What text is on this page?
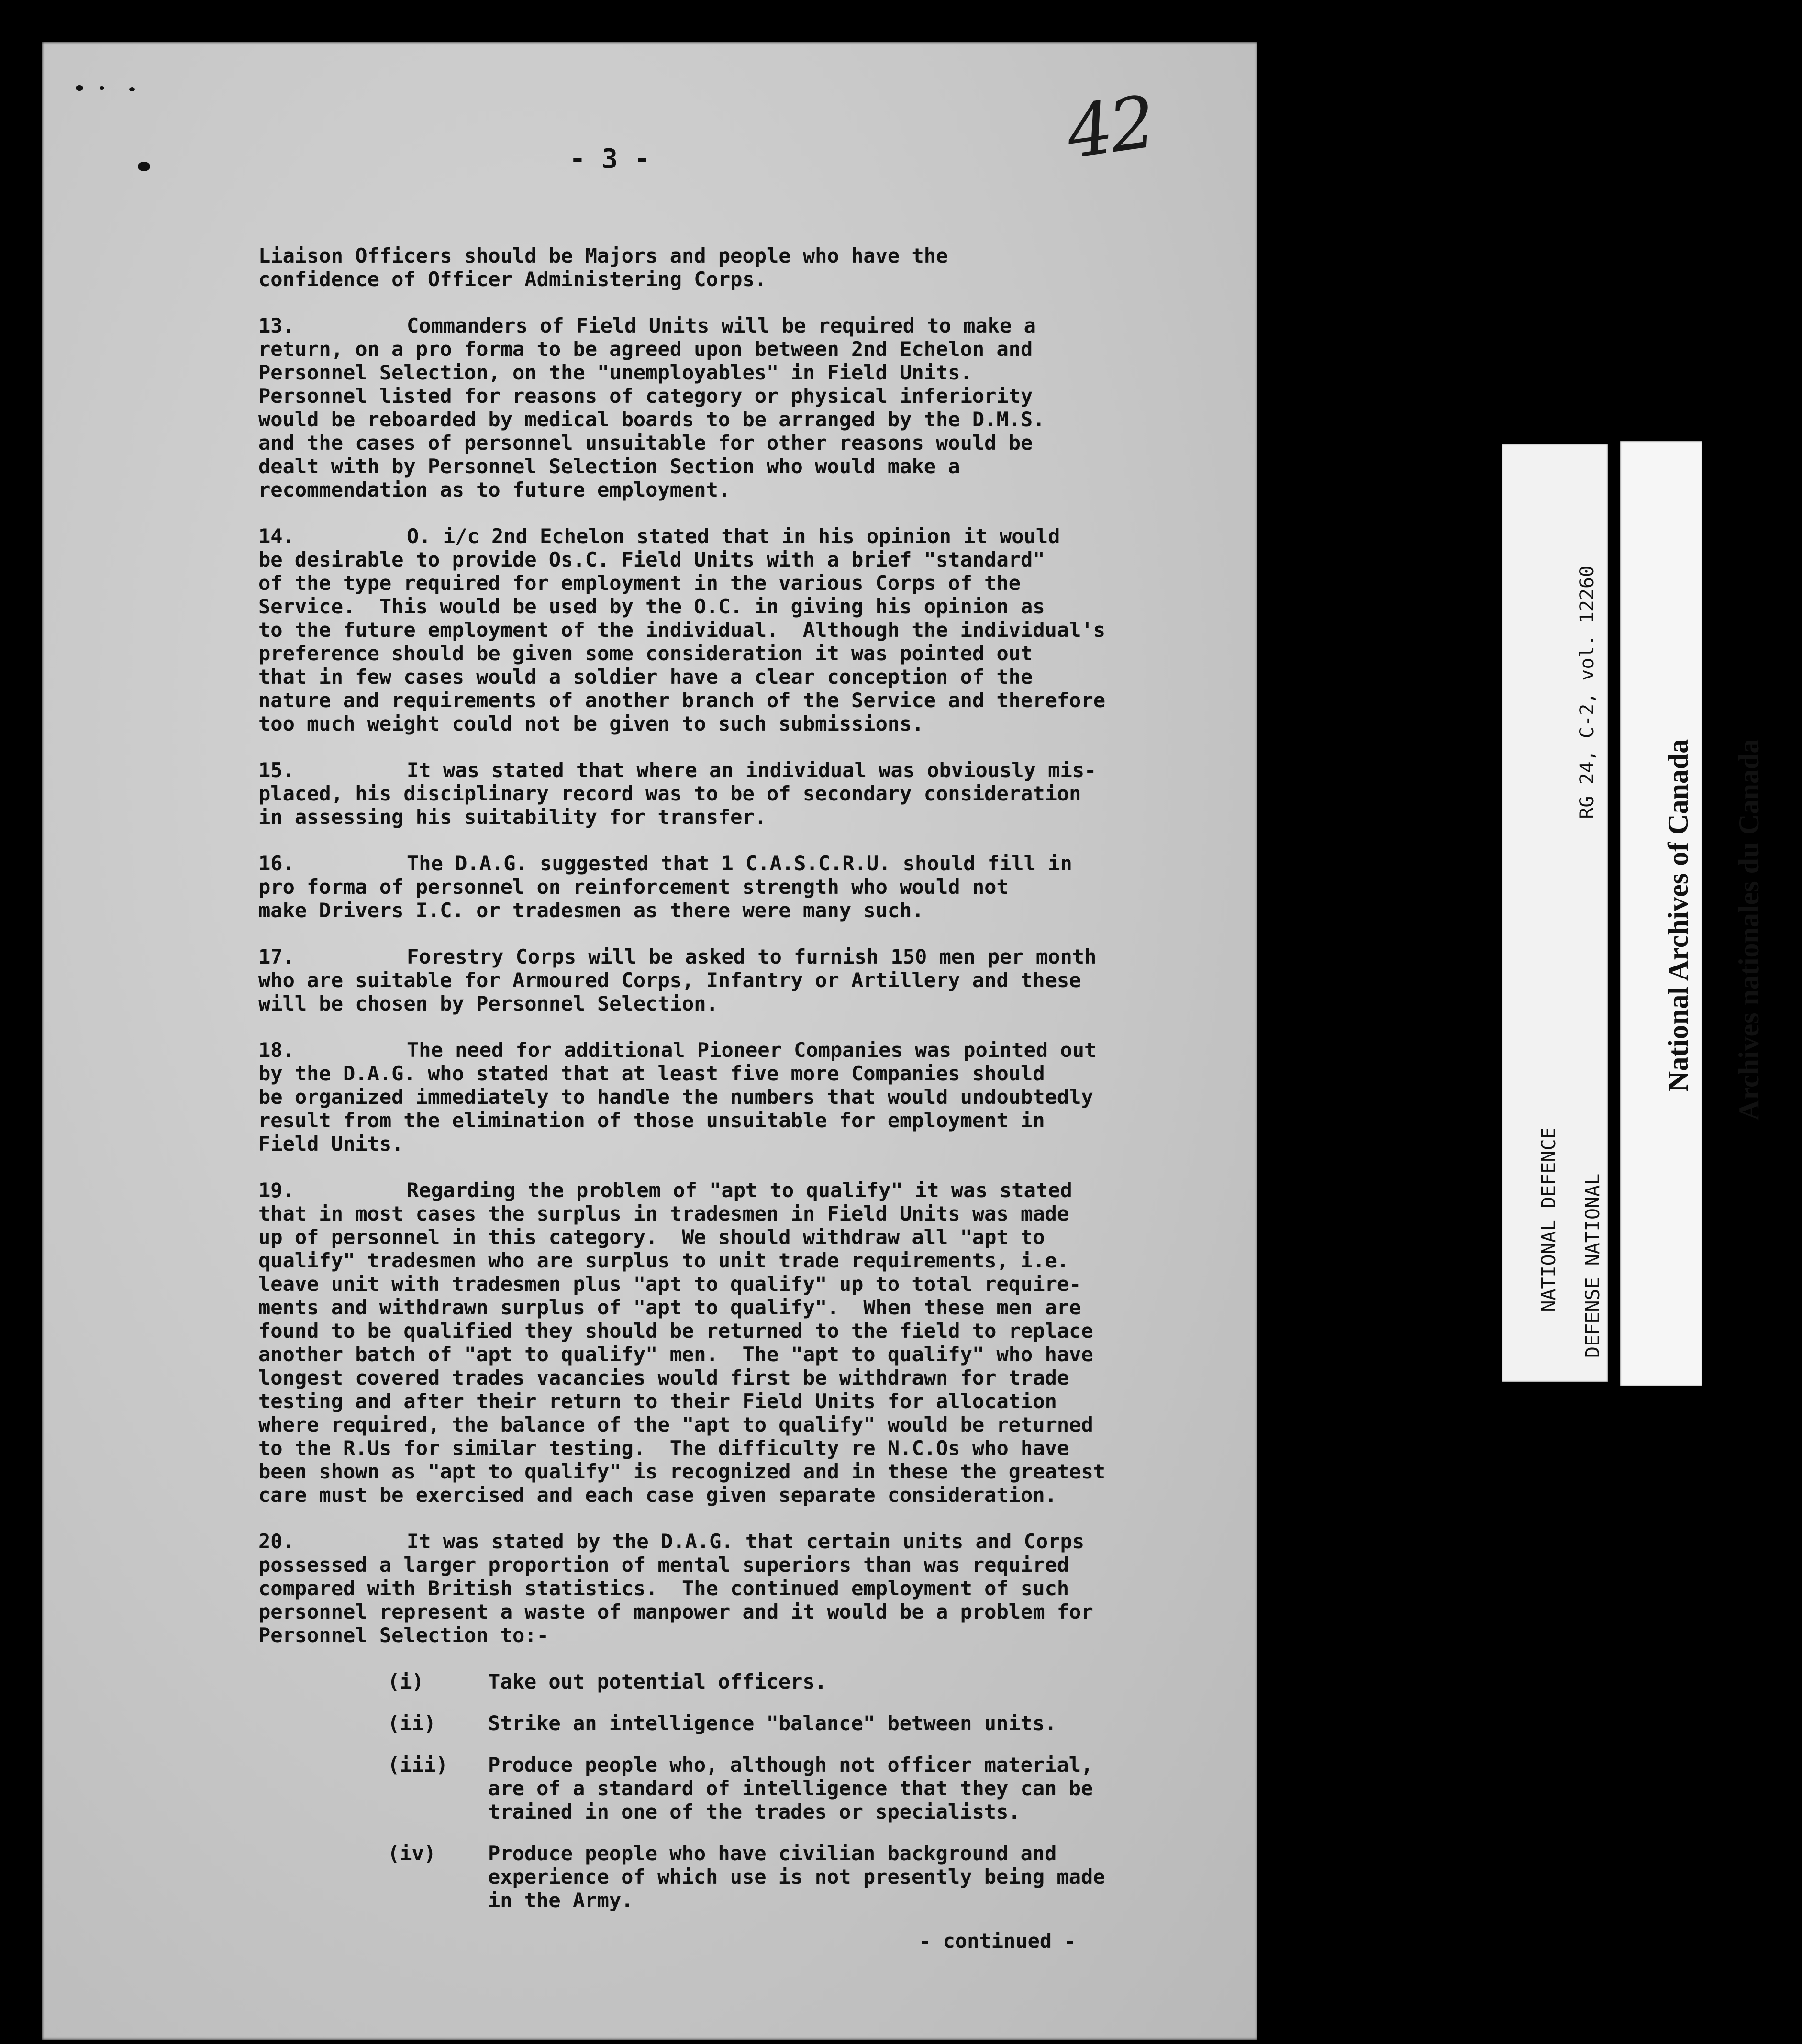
42
- 3 -
Liaison Officers should be Majors and people who have the
confidence of Officer Administering Corps.
13.	Commanders of Field Units will be required to make a
return, on a pro forma to be agreed upon between 2nd Echelon and
Personnel Selection, on the "unemployables" in Field Units.
Personnel listed for reasons of category or physical inferiority
would be reboarded by medical boards to be arranged by the D.M.S.
and the cases of personnel unsuitable for other reasons would be
dealt with by Personnel Selection Section who would make a
recommendation as to future employment.
14.	O. i/c 2nd Echelon stated that in his opinion it would
be desirable to provide Os.C. Field Units with a brief "standard"
of the type required for employment in the various Corps of the
Service.  This would be used by the O.C. in giving his opinion as
to the future employment of the individual.  Although the individual's
preference should be given some consideration it was pointed out
that in few cases would a soldier have a clear conception of the
nature and requirements of another branch of the Service and therefore
too much weight could not be given to such submissions.
15.	It was stated that where an individual was obviously mis-
placed, his disciplinary record was to be of secondary consideration
in assessing his suitability for transfer.
16.	The D.A.G. suggested that 1 C.A.S.C.R.U. should fill in
pro forma of personnel on reinforcement strength who would not
make Drivers I.C. or tradesmen as there were many such.
17.	Forestry Corps will be asked to furnish 150 men per month
who are suitable for Armoured Corps, Infantry or Artillery and these
will be chosen by Personnel Selection.
18.	The need for additional Pioneer Companies was pointed out
by the D.A.G. who stated that at least five more Companies should
be organized immediately to handle the numbers that would undoubtedly
result from the elimination of those unsuitable for employment in
Field Units.
19.	Regarding the problem of "apt to qualify" it was stated
that in most cases the surplus in tradesmen in Field Units was made
up of personnel in this category.  We should withdraw all "apt to
qualify" tradesmen who are surplus to unit trade requirements, i.e.
leave unit with tradesmen plus "apt to qualify" up to total require-
ments and withdrawn surplus of "apt to qualify".  When these men are
found to be qualified they should be returned to the field to replace
another batch of "apt to qualify" men.  The "apt to qualify" who have
longest covered trades vacancies would first be withdrawn for trade
testing and after their return to their Field Units for allocation
where required, the balance of the "apt to qualify" would be returned
to the R.Us for similar testing.  The difficulty re N.C.Os who have
been shown as "apt to qualify" is recognized and in these the greatest
care must be exercised and each case given separate consideration.
20.	It was stated by the D.A.G. that certain units and Corps
possessed a larger proportion of mental superiors than was required
compared with British statistics.  The continued employment of such
personnel represent a waste of manpower and it would be a problem for
Personnel Selection to:-
(i)	Take out potential officers.
(ii)	Strike an intelligence "balance" between units.
(iii)	Produce people who, although not officer material,
are of a standard of intelligence that they can be
trained in one of the trades or specialists.
(iv)	Produce people who have civilian background and
experience of which use is not presently being made
in the Army.
- continued -

NATIONAL DEFENCE
DEFENSE NATIONAL

RG 24, C-2, vol. 12260

National Archives of Canada
Archives nationales du Canada
